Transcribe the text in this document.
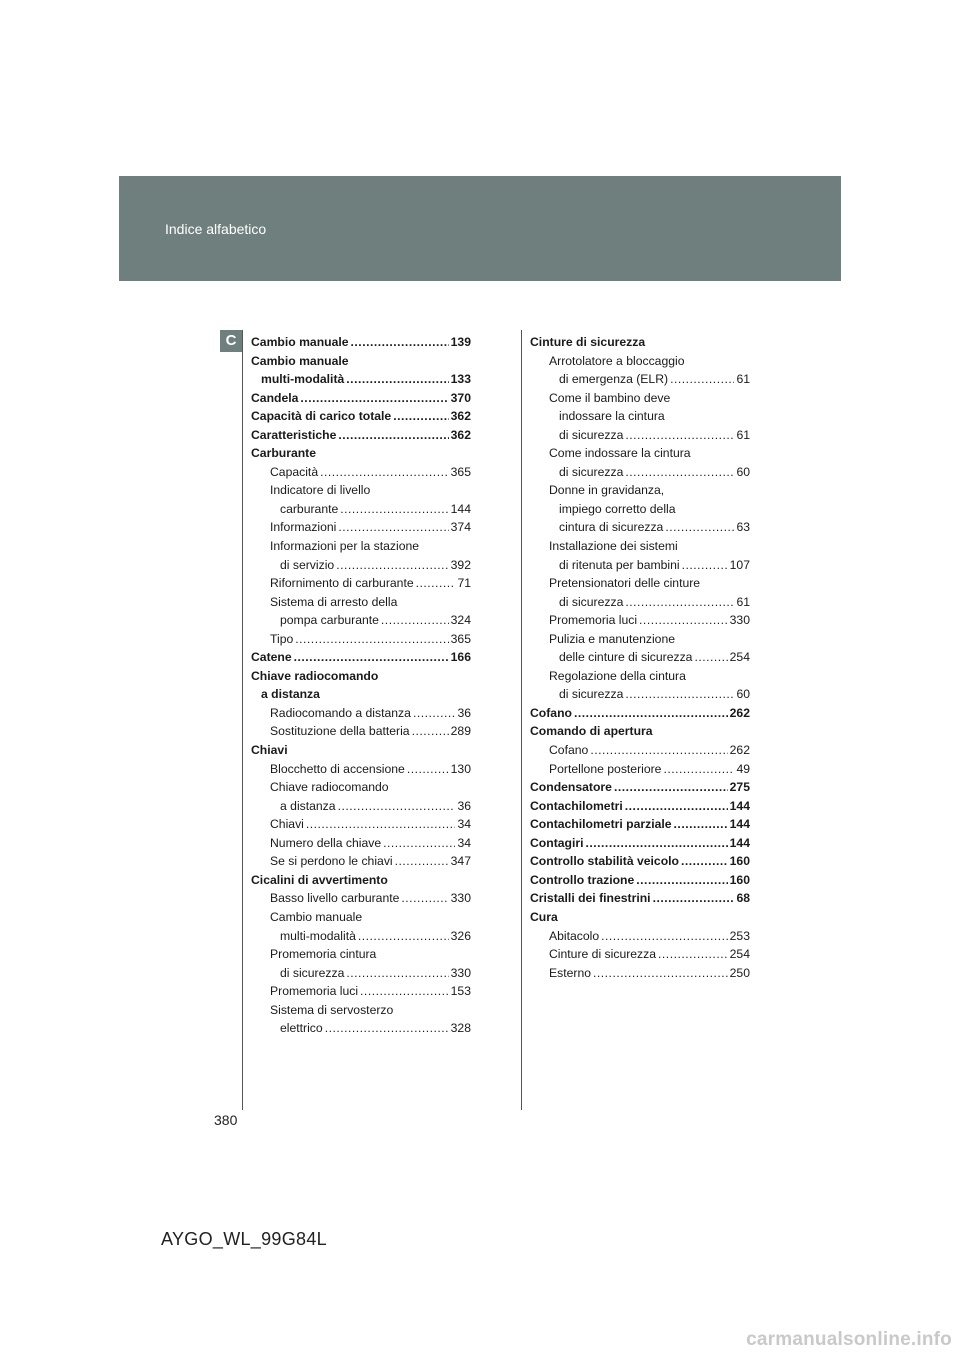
Indice alfabetico
C	Cambio manuale .....	139
Cambio manuale
multi-modalità .....	133
Candela .....	370
Capacità di carico totale .....	362
Caratteristiche .....	362
Carburante
Capacità .....	365
Indicatore di livello
carburante .....	144
Informazioni .....	374
Informazioni per la stazione
di servizio .....	392
Rifornimento di carburante .....	71
Sistema di arresto della
pompa carburante .....	324
Tipo .....	365
Catene .....	166
Chiave radiocomando
a distanza
Radiocomando a distanza .....	36
Sostituzione della batteria .....	289
Chiavi
Blocchetto di accensione .....	130
Chiave radiocomando
a distanza .....	36
Chiavi .....	34
Numero della chiave .....	34
Se si perdono le chiavi .....	347
Cicalini di avvertimento
Basso livello carburante .....	330
Cambio manuale
multi-modalità .....	326
Promemoria cintura
di sicurezza .....	330
Promemoria luci .....	153
Sistema di servosterzo
elettrico .....	328
Cinture di sicurezza
Arrotolatore a bloccaggio
di emergenza (ELR) .....	61
Come il bambino deve
indossare la cintura
di sicurezza .....	61
Come indossare la cintura
di sicurezza .....	60
Donne in gravidanza,
impiego corretto della
cintura di sicurezza .....	63
Installazione dei sistemi
di ritenuta per bambini .....	107
Pretensionatori delle cinture
di sicurezza .....	61
Promemoria luci .....	330
Pulizia e manutenzione
delle cinture di sicurezza .....	254
Regolazione della cintura
di sicurezza .....	60
Cofano .....	262
Comando di apertura
Cofano .....	262
Portellone posteriore .....	49
Condensatore .....	275
Contachilometri .....	144
Contachilometri parziale .....	144
Contagiri .....	144
Controllo stabilità veicolo .....	160
Controllo trazione .....	160
Cristalli dei finestrini .....	68
Cura
Abitacolo .....	253
Cinture di sicurezza .....	254
Esterno .....	250
380
AYGO_WL_99G84L
carmanualsonline.info
